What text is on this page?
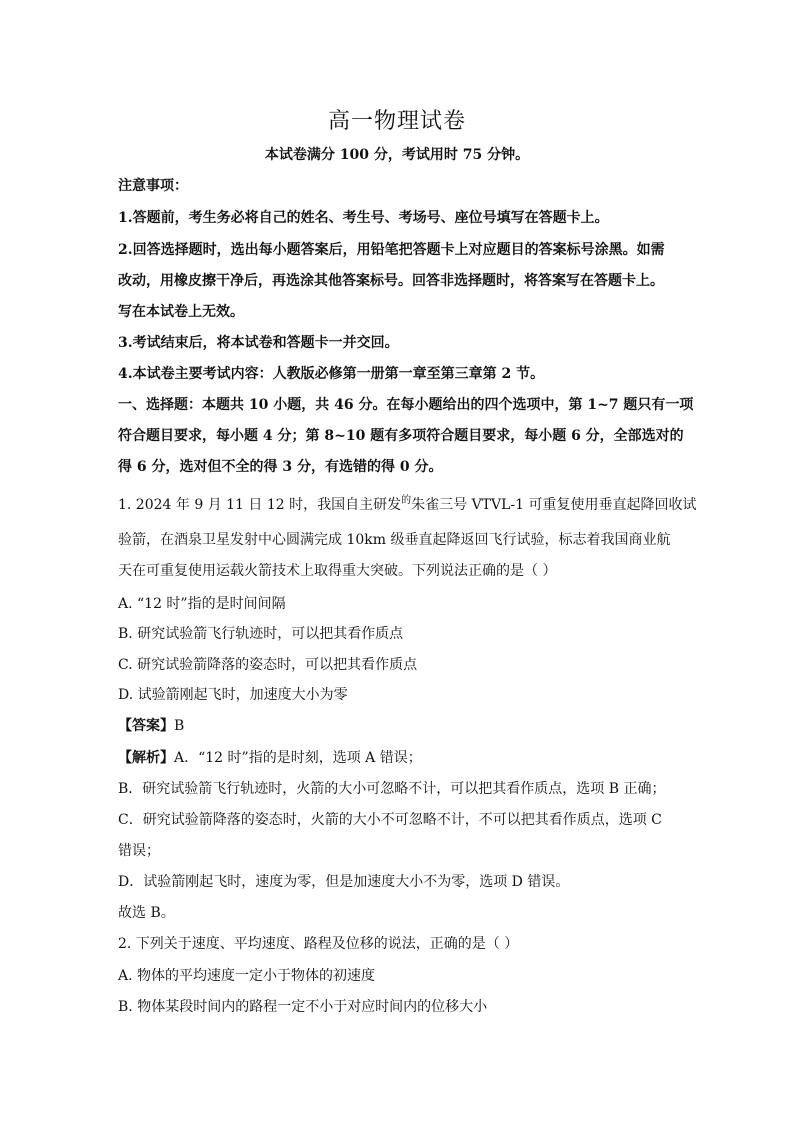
高一物理试卷
本试卷满分 100 分，考试用时 75 分钟。
注意事项：
1.答题前，考生务必将自己的姓名、考生号、考场号、座位号填写在答题卡上。
2.回答选择题时，选出每小题答案后，用铅笔把答题卡上对应题目的答案标号涂黑。如需
改动，用橡皮擦干净后，再选涂其他答案标号。回答非选择题时，将答案写在答题卡上。
写在本试卷上无效。
3.考试结束后，将本试卷和答题卡一并交回。
4.本试卷主要考试内容：人教版必修第一册第一章至第三章第 2 节。
一、选择题：本题共 10 小题，共 46 分。在每小题给出的四个选项中，第 1~7 题只有一项
符合题目要求，每小题 4 分；第 8~10 题有多项符合题目要求，每小题 6 分，全部选对的
得 6 分，选对但不全的得 3 分，有选错的得 0 分。
1. 2024 年 9 月 11 日 12 时，我国自主研发$^的$朱雀三号 VTVL-1 可重复使用垂直起降回收试
验箭，在酒泉卫星发射中心圆满完成 10km 级垂直起降返回飞行试验，标志着我国商业航
天在可重复使用运载火箭技术上取得重大突破。下列说法正确的是（ ）
A. “12 时”指的是时间间隔
B. 研究试验箭飞行轨迹时，可以把其看作质点
C. 研究试验箭降落的姿态时，可以把其看作质点
D. 试验箭刚起飞时，加速度大小为零
【答案】B
【解析】A．“12 时”指的是时刻，选项 A 错误；
B．研究试验箭飞行轨迹时，火箭的大小可忽略不计，可以把其看作质点，选项 B 正确；
C．研究试验箭降落的姿态时，火箭的大小不可忽略不计，不可以把其看作质点，选项 C
错误；
D．试验箭刚起飞时，速度为零，但是加速度大小不为零，选项 D 错误。
故选 B。
2. 下列关于速度、平均速度、路程及位移的说法，正确的是（ ）
A. 物体的平均速度一定小于物体的初速度
B. 物体某段时间内的路程一定不小于对应时间内的位移大小
